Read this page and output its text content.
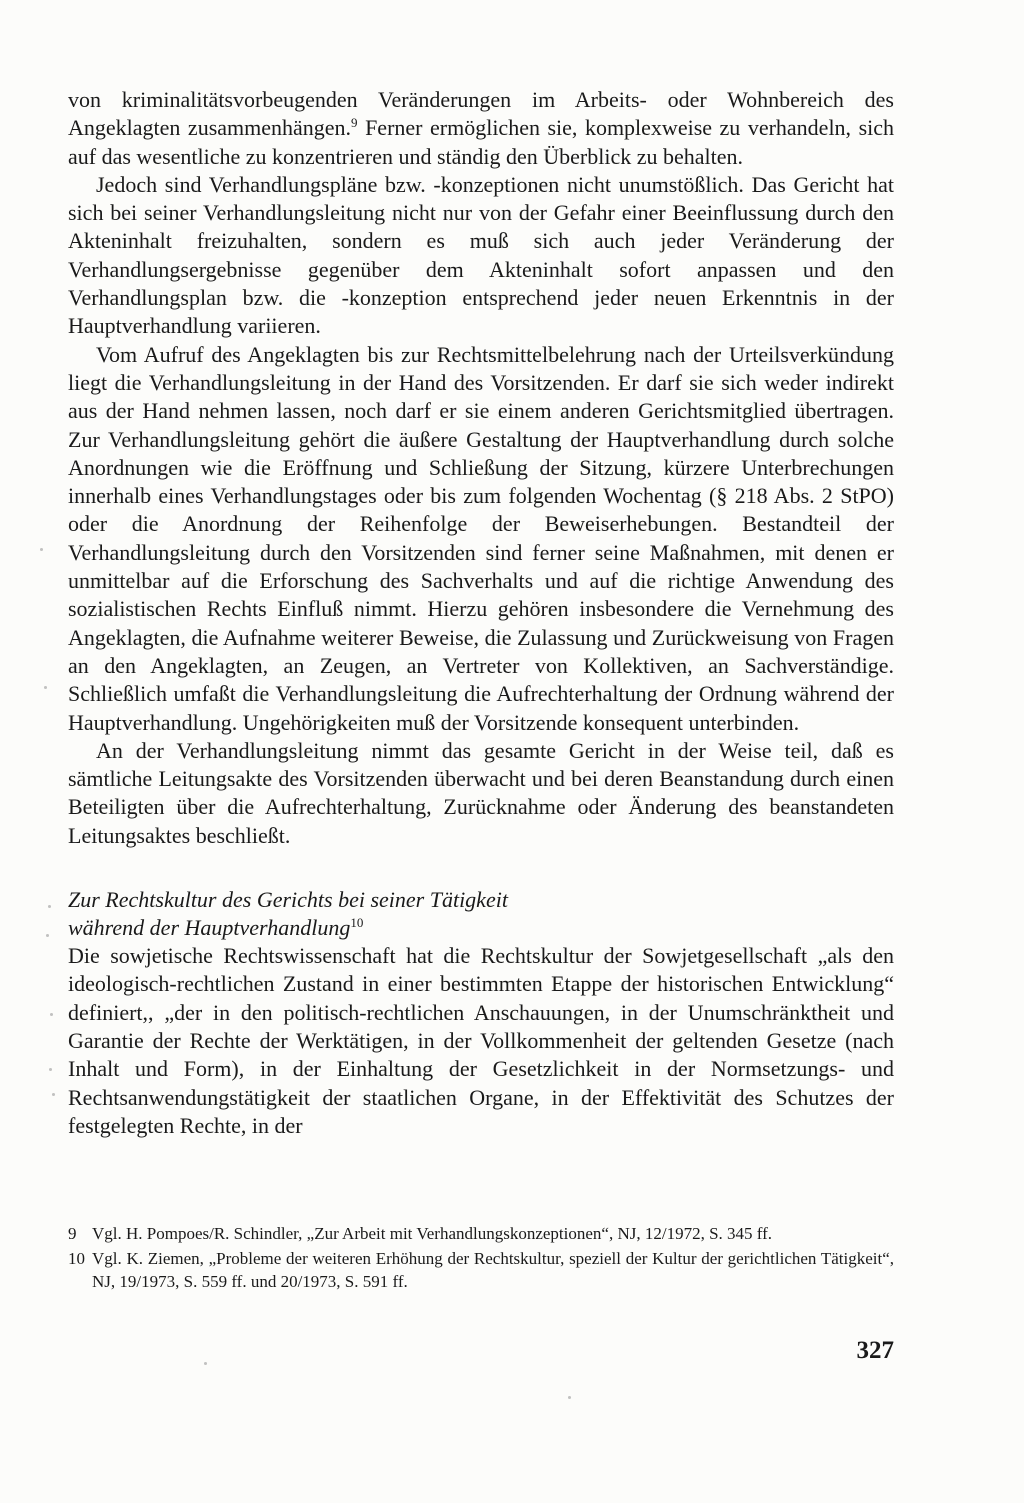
von kriminalitätsvorbeugenden Veränderungen im Arbeits- oder Wohnbereich des Angeklagten zusammenhängen.$^9$ Ferner ermöglichen sie, komplexweise zu verhandeln, sich auf das wesentliche zu konzentrieren und ständig den Überblick zu behalten.

Jedoch sind Verhandlungspläne bzw. -konzeptionen nicht unumstößlich. Das Gericht hat sich bei seiner Verhandlungsleitung nicht nur von der Gefahr einer Beeinflussung durch den Akteninhalt freizuhalten, sondern es muß sich auch jeder Veränderung der Verhandlungsergebnisse gegenüber dem Akteninhalt sofort anpassen und den Verhandlungsplan bzw. die -konzeption entsprechend jeder neuen Erkenntnis in der Hauptverhandlung variieren.

Vom Aufruf des Angeklagten bis zur Rechtsmittelbelehrung nach der Urteilsverkündung liegt die Verhandlungsleitung in der Hand des Vorsitzenden. Er darf sie sich weder indirekt aus der Hand nehmen lassen, noch darf er sie einem anderen Gerichtsmitglied übertragen. Zur Verhandlungsleitung gehört die äußere Gestaltung der Hauptverhandlung durch solche Anordnungen wie die Eröffnung und Schließung der Sitzung, kürzere Unterbrechungen innerhalb eines Verhandlungstages oder bis zum folgenden Wochentag (§ 218 Abs. 2 StPO) oder die Anordnung der Reihenfolge der Beweiserhebungen. Bestandteil der Verhandlungsleitung durch den Vorsitzenden sind ferner seine Maßnahmen, mit denen er unmittelbar auf die Erforschung des Sachverhalts und auf die richtige Anwendung des sozialistischen Rechts Einfluß nimmt. Hierzu gehören insbesondere die Vernehmung des Angeklagten, die Aufnahme weiterer Beweise, die Zulassung und Zurückweisung von Fragen an den Angeklagten, an Zeugen, an Vertreter von Kollektiven, an Sachverständige. Schließlich umfaßt die Verhandlungsleitung die Aufrechterhaltung der Ordnung während der Hauptverhandlung. Ungehörigkeiten muß der Vorsitzende konsequent unterbinden.

An der Verhandlungsleitung nimmt das gesamte Gericht in der Weise teil, daß es sämtliche Leitungsakte des Vorsitzenden überwacht und bei deren Beanstandung durch einen Beteiligten über die Aufrechterhaltung, Zurücknahme oder Änderung des beanstandeten Leitungsaktes beschließt.

Zur Rechtskultur des Gerichts bei seiner Tätigkeit
während der Hauptverhandlung$^{10}$

Die sowjetische Rechtswissenschaft hat die Rechtskultur der Sowjetgesellschaft „als den ideologisch-rechtlichen Zustand in einer bestimmten Etappe der historischen Entwicklung“ definiert,, „der in den politisch-rechtlichen Anschauungen, in der Unumschränktheit und Garantie der Rechte der Werktätigen, in der Vollkommenheit der geltenden Gesetze (nach Inhalt und Form), in der Einhaltung der Gesetzlichkeit in der Normsetzungs- und Rechtsanwendungstätigkeit der staatlichen Organe, in der Effektivität des Schutzes der festgelegten Rechte, in der

9 Vgl. H. Pompoes/R. Schindler, „Zur Arbeit mit Verhandlungskonzeptionen“, NJ, 12/1972, S. 345 ff.
10 Vgl. K. Ziemen, „Probleme der weiteren Erhöhung der Rechtskultur, speziell der Kultur der gerichtlichen Tätigkeit“, NJ, 19/1973, S. 559 ff. und 20/1973, S. 591 ff.
327
